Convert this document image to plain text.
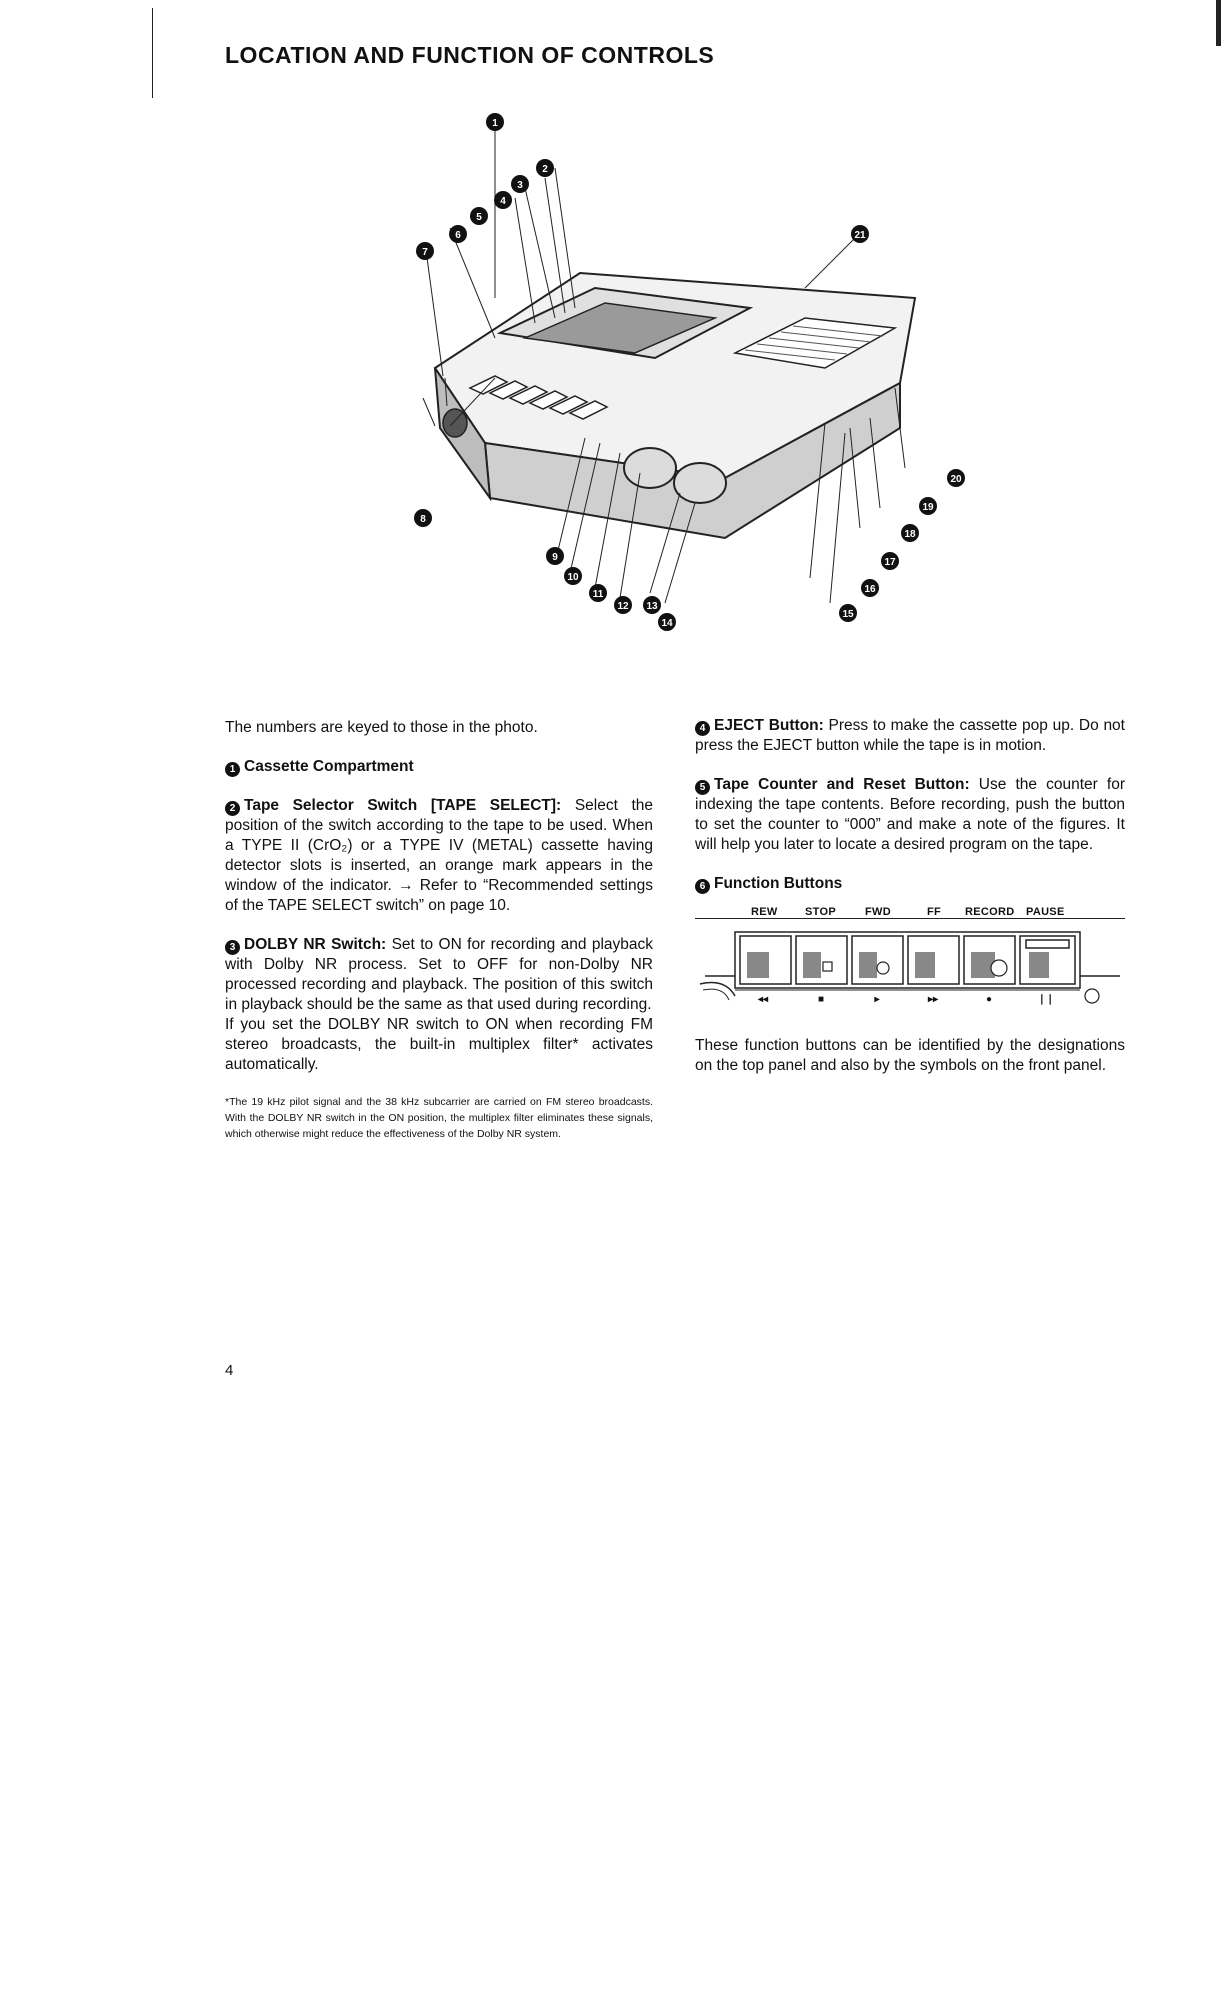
LOCATION AND FUNCTION OF CONTROLS
1
2
3
4
5
6
7
8
9
10
11
12 13
14
15
16
17
18
19
20
21

The numbers are keyed to those in the photo.

1 Cassette Compartment

2 Tape Selector Switch [TAPE SELECT]: Select the position of the switch according to the tape to be used. When a TYPE II (CrO₂) or a TYPE IV (METAL) cassette having detector slots is inserted, an orange mark appears in the window of the indicator. → Refer to “Recommended settings of the TAPE SELECT switch” on page 10.

3 DOLBY NR Switch: Set to ON for recording and playback with Dolby NR process. Set to OFF for non-Dolby NR processed recording and playback. The position of this switch in playback should be the same as that used during recording.

If you set the DOLBY NR switch to ON when recording FM stereo broadcasts, the built-in multiplex filter* activates automatically.

*The 19 kHz pilot signal and the 38 kHz subcarrier are carried on FM stereo broadcasts. With the DOLBY NR switch in the ON position, the multiplex filter eliminates these signals, which otherwise might reduce the effectiveness of the Dolby NR system.

4 EJECT Button: Press to make the cassette pop up. Do not press the EJECT button while the tape is in motion.

5 Tape Counter and Reset Button: Use the counter for indexing the tape contents. Before recording, push the button to set the counter to “000” and make a note of the figures. It will help you later to locate a desired program on the tape.

6 Function Buttons

REW STOP	FWD	FF RECORD PAUSE
◂◂	■	▸	▸▸	●	❘❘

These function buttons can be identified by the designations on the top panel and also by the symbols on the front panel.

4
